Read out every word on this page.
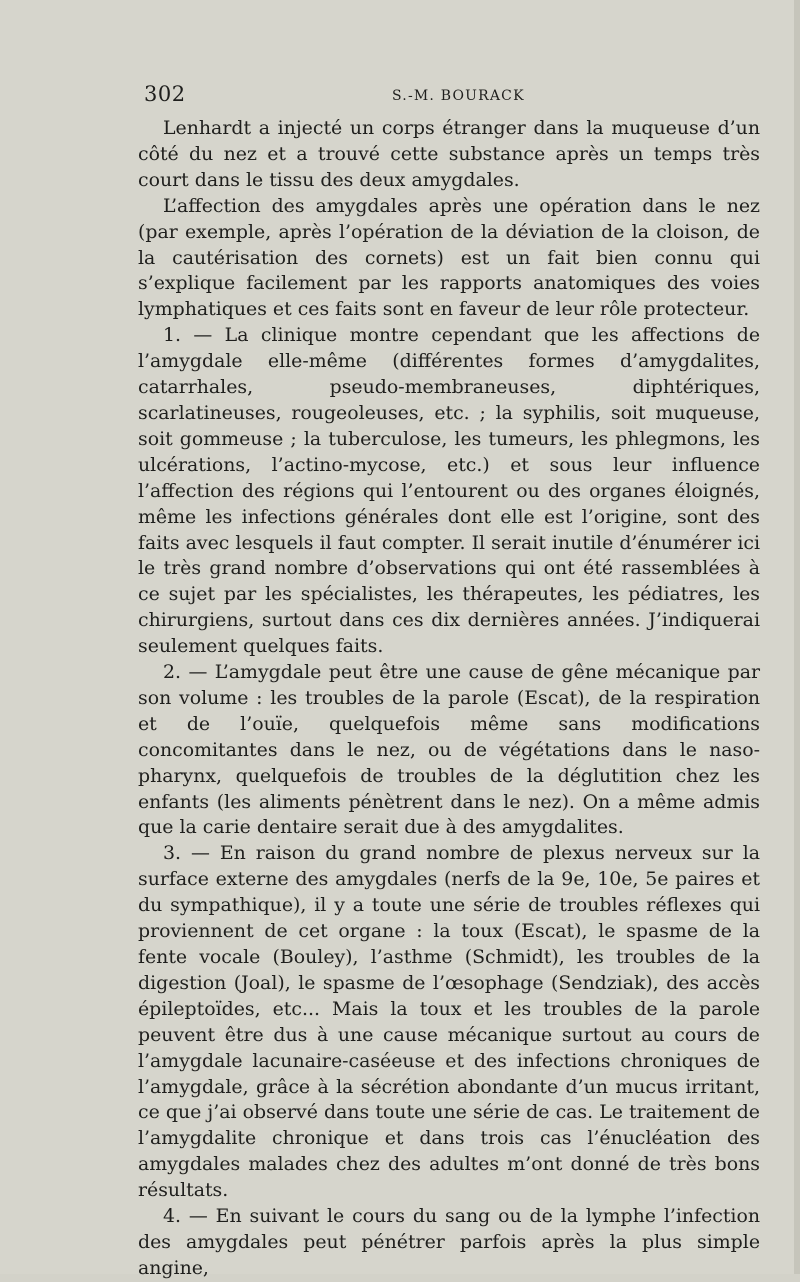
302	S.-M. BOURACK

Lenhardt a injecté un corps étranger dans la muqueuse d’un côté du nez et a trouvé cette substance après un temps très court dans le tissu des deux amygdales.

L’affection des amygdales après une opération dans le nez (par exemple, après l’opération de la déviation de la cloison, de la cautérisation des cornets) est un fait bien connu qui s’explique facilement par les rapports anatomiques des voies lymphatiques et ces faits sont en faveur de leur rôle protecteur.

1. — La clinique montre cependant que les affections de l’amygdale elle-même (différentes formes d’amygdalites, catarrhales, pseudo-membraneuses, diphtériques, scarlatineuses, rougeoleuses, etc. ; la syphilis, soit muqueuse, soit gommeuse ; la tuberculose, les tumeurs, les phlegmons, les ulcérations, l’actino-mycose, etc.) et sous leur influence l’affection des régions qui l’entourent ou des organes éloignés, même les infections générales dont elle est l’origine, sont des faits avec lesquels il faut compter. Il serait inutile d’énumérer ici le très grand nombre d’observations qui ont été rassemblées à ce sujet par les spécialistes, les thérapeutes, les pédiatres, les chirurgiens, surtout dans ces dix dernières années. J’indiquerai seulement quelques faits.

2. — L’amygdale peut être une cause de gêne mécanique par son volume : les troubles de la parole (Escat), de la respiration et de l’ouïe, quelquefois même sans modifications concomitantes dans le nez, ou de végétations dans le naso-pharynx, quelquefois de troubles de la déglutition chez les enfants (les aliments pénètrent dans le nez). On a même admis que la carie dentaire serait due à des amygdalites.

3. — En raison du grand nombre de plexus nerveux sur la surface externe des amygdales (nerfs de la 9e, 10e, 5e paires et du sympathique), il y a toute une série de troubles réflexes qui proviennent de cet organe : la toux (Escat), le spasme de la fente vocale (Bouley), l’asthme (Schmidt), les troubles de la digestion (Joal), le spasme de l’œsophage (Sendziak), des accès épileptoïdes, etc... Mais la toux et les troubles de la parole peuvent être dus à une cause mécanique surtout au cours de l’amygdale lacunaire-caséeuse et des infections chroniques de l’amygdale, grâce à la sécrétion abondante d’un mucus irritant, ce que j’ai observé dans toute une série de cas. Le traitement de l’amygdalite chronique et dans trois cas l’énucléation des amygdales malades chez des adultes m’ont donné de très bons résultats.

4. — En suivant le cours du sang ou de la lymphe l’infection des amygdales peut pénétrer parfois après la plus simple angine,
